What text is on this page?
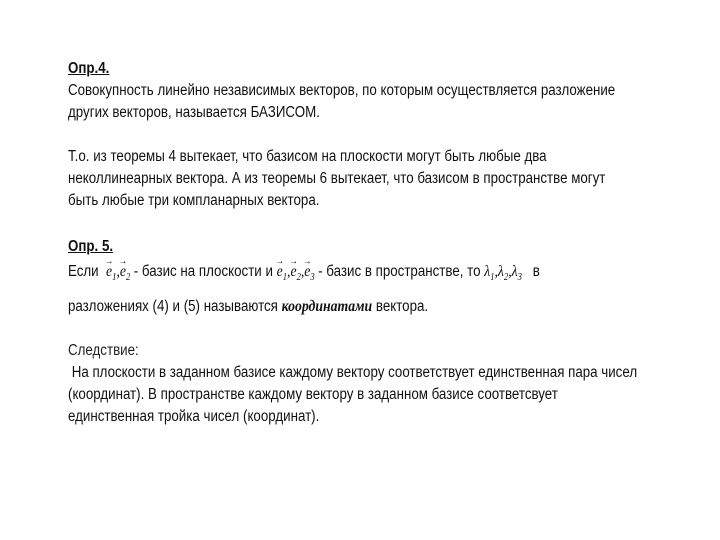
Опр.4.

Совокупность линейно независимых векторов, по которым осуществляется разложение

других векторов, называется БАЗИСОМ.

Т.о. из теоремы 4 вытекает, что базисом на плоскости могут быть любые два

неколлинеарных вектора. А из теоремы 6 вытекает, что базисом в пространстве могут

быть любые три компланарных вектора.

Опр. 5.

Если → $e_1,\to e_2$ - базис на плоскости $и \to e_1,\to e_2,\to e_3$ - базис в пространстве, то $\lambda_1,\lambda_2,\lambda_3$ в

разложениях (4) и (5) называются координатами вектора.

Следствие:

На плоскости в заданном базисе каждому вектору соответствует единственная пара чисел

(координат). В пространстве каждому вектору в заданном базисе соответсвует

единственная тройка чисел (координат).
